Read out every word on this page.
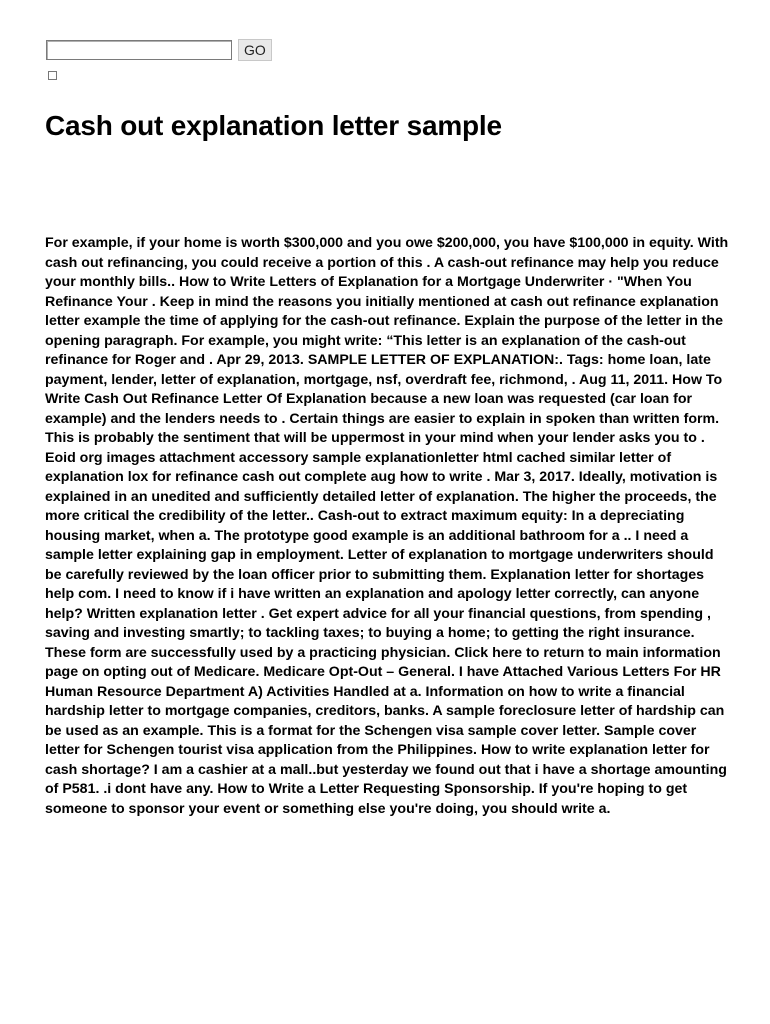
GO
Cash out explanation letter sample

For example, if your home is worth $300,000 and you owe $200,000, you have $100,000 in equity. With cash out refinancing, you could receive a portion of this . A cash-out refinance may help you reduce your monthly bills.. How to Write Letters of Explanation for a Mortgage Underwriter · "When You Refinance Your . Keep in mind the reasons you initially mentioned at cash out refinance explanation letter example the time of applying for the cash-out refinance. Explain the purpose of the letter in the opening paragraph. For example, you might write: “This letter is an explanation of the cash-out refinance for Roger and . Apr 29, 2013. SAMPLE LETTER OF EXPLANATION:. Tags: home loan, late payment, lender, letter of explanation, mortgage, nsf, overdraft fee, richmond, . Aug 11, 2011. How To Write Cash Out Refinance Letter Of Explanation because a new loan was requested (car loan for example) and the lenders needs to . Certain things are easier to explain in spoken than written form. This is probably the sentiment that will be uppermost in your mind when your lender asks you to . Eoid org images attachment accessory sample explanationletter html cached similar letter of explanation lox for refinance cash out complete aug how to write . Mar 3, 2017. Ideally, motivation is explained in an unedited and sufficiently detailed letter of explanation. The higher the proceeds, the more critical the credibility of the letter.. Cash-out to extract maximum equity: In a depreciating housing market, when a. The prototype good example is an additional bathroom for a .. I need a sample letter explaining gap in employment. Letter of explanation to mortgage underwriters should be carefully reviewed by the loan officer prior to submitting them. Explanation letter for shortages help com. I need to know if i have written an explanation and apology letter correctly, can anyone help? Written explanation letter . Get expert advice for all your financial questions, from spending , saving and investing smartly; to tackling taxes; to buying a home; to getting the right insurance. These form are successfully used by a practicing physician. Click here to return to main information page on opting out of Medicare. Medicare Opt-Out – General. I have Attached Various Letters For HR Human Resource Department A) Activities Handled at a. Information on how to write a financial hardship letter to mortgage companies, creditors, banks. A sample foreclosure letter of hardship can be used as an example. This is a format for the Schengen visa sample cover letter. Sample cover letter for Schengen tourist visa application from the Philippines. How to write explanation letter for cash shortage? I am a cashier at a mall..but yesterday we found out that i have a shortage amounting of P581. .i dont have any. How to Write a Letter Requesting Sponsorship. If you're hoping to get someone to sponsor your event or something else you're doing, you should write a.
